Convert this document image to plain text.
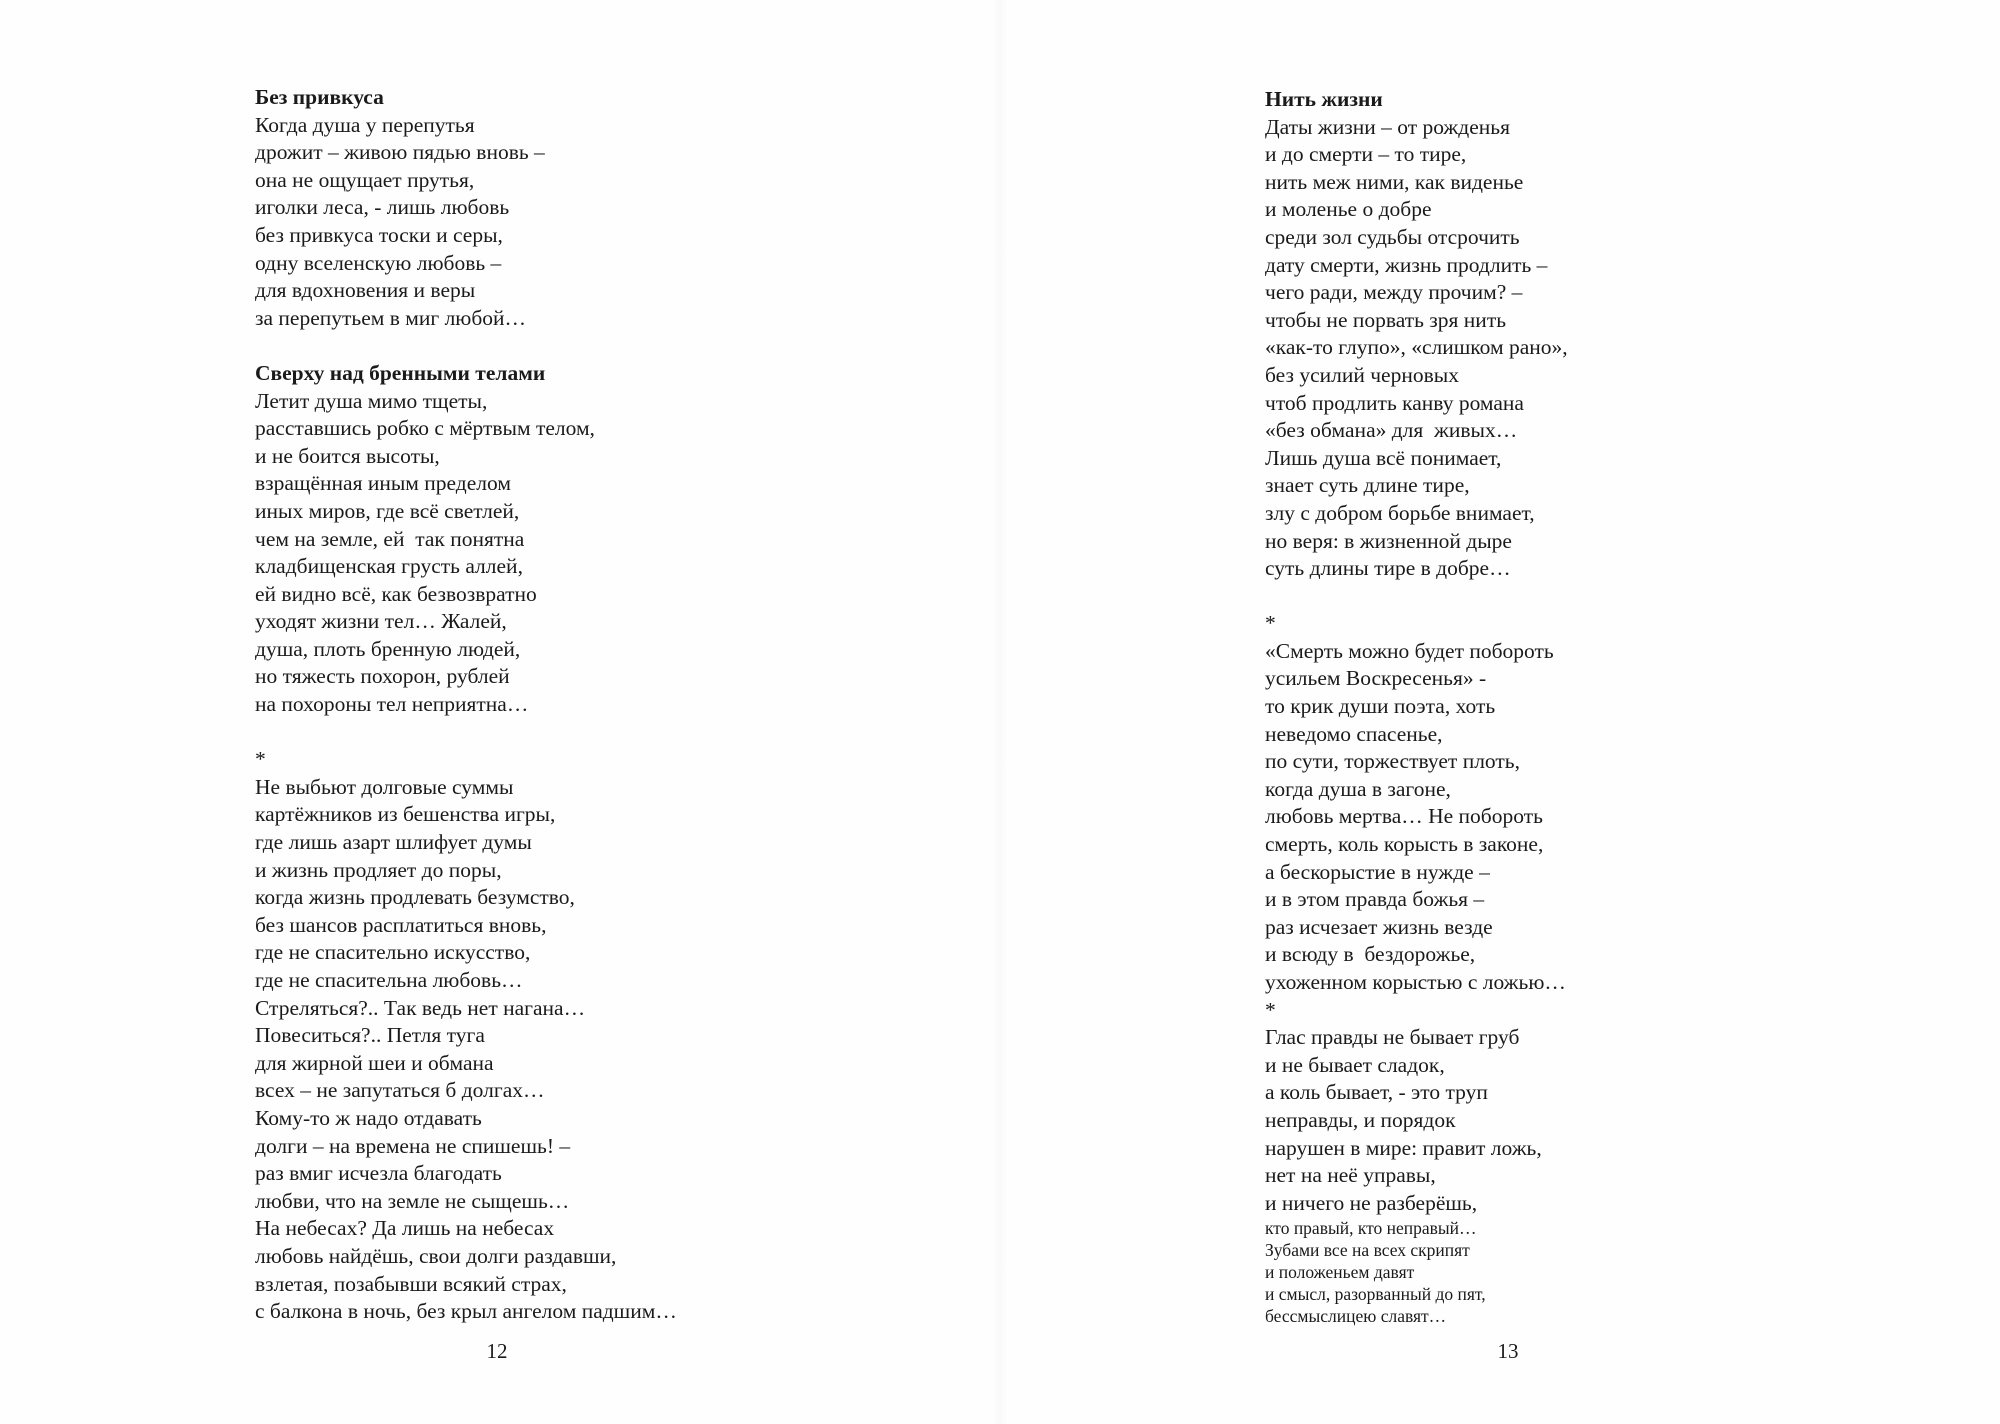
Без привкуса
Когда душа у перепутья
дрожит – живою пядью вновь –
она не ощущает прутья,
иголки леса, - лишь любовь
без привкуса тоски и серы,
одну вселенскую любовь –
для вдохновения и веры
за перепутьем в миг любой…
Сверху над бренными телами
Летит душа мимо тщеты,
расставшись робко с мёртвым телом,
и не боится высоты,
взращённая иным пределом
иных миров, где всё светлей,
чем на земле, ей  так понятна
кладбищенская грусть аллей,
ей видно всё, как безвозвратно
уходят жизни тел… Жалей,
душа, плоть бренную людей,
но тяжесть похорон, рублей
на похороны тел неприятна…
*
Не выбьют долговые суммы
картёжников из бешенства игры,
где лишь азарт шлифует думы
и жизнь продляет до поры,
когда жизнь продлевать безумство,
без шансов расплатиться вновь,
где не спасительно искусство,
где не спасительна любовь…
Стреляться?.. Так ведь нет нагана…
Повеситься?.. Петля туга
для жирной шеи и обмана
всех – не запутаться б долгах…
Кому-то ж надо отдавать
долги – на времена не спишешь! –
раз вмиг исчезла благодать
любви, что на земле не сыщешь…
На небесах? Да лишь на небесах
любовь найдёшь, свои долги раздавши,
взлетая, позабывши всякий страх,
с балкона в ночь, без крыл ангелом падшим…
12
Нить жизни
Даты жизни – от рожденья
и до смерти – то тире,
нить меж ними, как виденье
и моленье о добре
среди зол судьбы отсрочить
дату смерти, жизнь продлить –
чего ради, между прочим? –
чтобы не порвать зря нить
«как-то глупо», «слишком рано»,
без усилий черновых
чтоб продлить канву романа
«без обмана» для  живых…
Лишь душа всё понимает,
знает суть длине тире,
злу с добром борьбе внимает,
но веря: в жизненной дыре
суть длины тире в добре…
*
«Смерть можно будет побороть
усильем Воскресенья» -
то крик души поэта, хоть
неведомо спасенье,
по сути, торжествует плоть,
когда душа в загоне,
любовь мертва… Не побороть
смерть, коль корысть в законе,
а бескорыстие в нужде –
и в этом правда божья –
раз исчезает жизнь везде
и всюду в  бездорожье,
ухоженном корыстью с ложью…
*
Глас правды не бывает груб
и не бывает сладок,
а коль бывает, - это труп
неправды, и порядок
нарушен в мире: правит ложь,
нет на неё управы,
и ничего не разберёшь,
кто правый, кто неправый…
Зубами все на всех скрипят
и положеньем давят
и смысл, разорванный до пят,
бессмыслицею славят…
13
